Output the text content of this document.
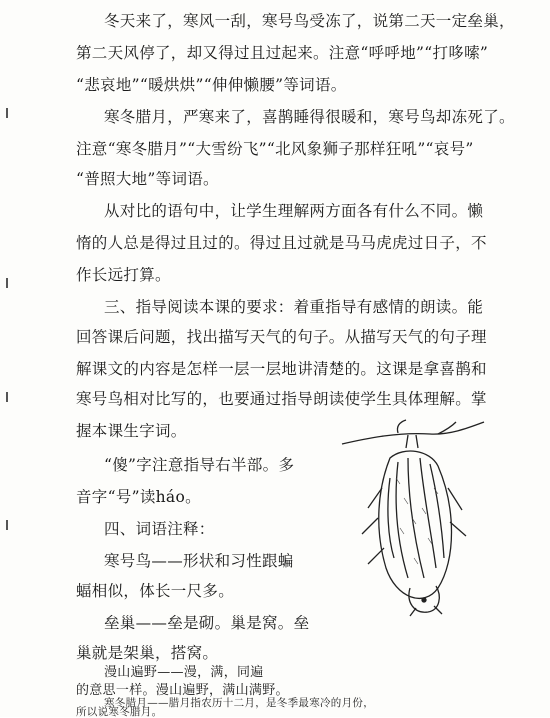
冬天来了，寒风一刮，寒号鸟受冻了，说第二天一定垒巢，
第二天风停了，却又得过且过起来。注意“呼呼地”“打哆嗦”
“悲哀地”“暖烘烘”“伸伸懒腰”等词语。
寒冬腊月，严寒来了，喜鹊睡得很暖和，寒号鸟却冻死了。
注意“寒冬腊月”“大雪纷飞”“北风象狮子那样狂吼”“哀号”
“普照大地”等词语。
从对比的语句中，让学生理解两方面各有什么不同。懒
惰的人总是得过且过的。得过且过就是马马虎虎过日子，不
作长远打算。
三、指导阅读本课的要求：着重指导有感情的朗读。能
回答课后问题，找出描写天气的句子。从描写天气的句子理
解课文的内容是怎样一层一层地讲清楚的。这课是拿喜鹊和
寒号鸟相对比写的，也要通过指导朗读使学生具体理解。掌
握本课生字词。
“傻”字注意指导右半部。多
音字“号”读háo。
四、词语注释：
寒号鸟——形状和习性跟蝙
蝠相似，体长一尺多。
垒巢——垒是砌。巢是窝。垒
巢就是架巢，搭窝。
漫山遍野——漫，满，同遍
的意思一样。漫山遍野，满山满野。
寒冬腊月——腊月指农历十二月，是冬季最寒冷的月份，
所以说寒冬腊月。
